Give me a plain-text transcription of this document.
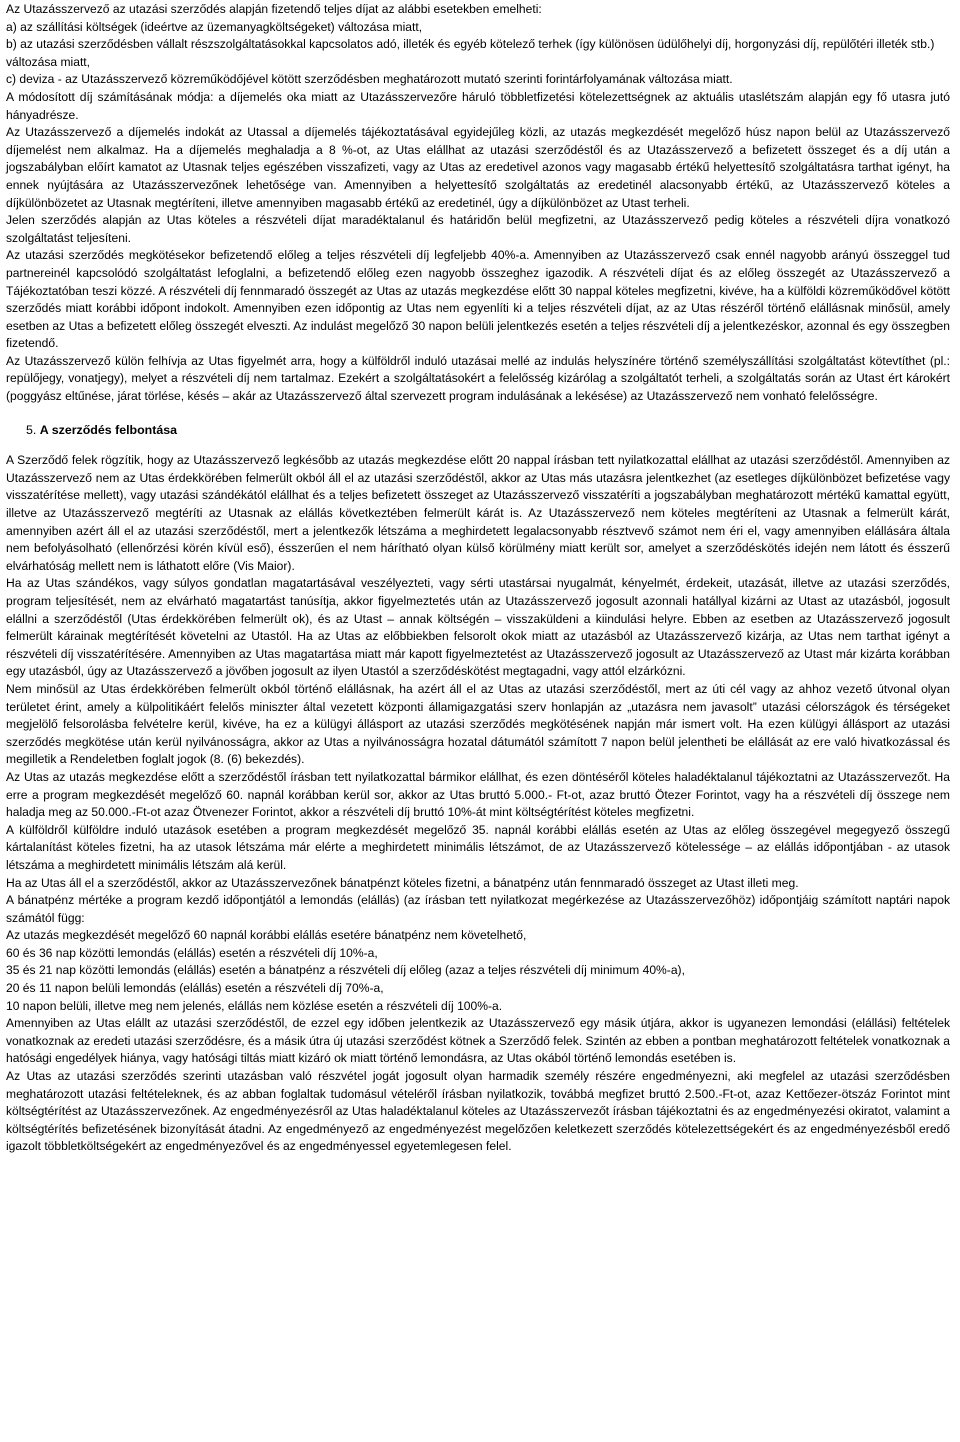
Az Utazásszervező az utazási szerződés alapján fizetendő teljes díjat az alábbi esetekben emelheti:

a) az szállítási költségek (ideértve az üzemanyagköltségeket) változása miatt,

b) az utazási szerződésben vállalt részszolgáltatásokkal kapcsolatos adó, illeték és egyéb kötelező terhek (így különösen üdülőhelyi díj, horgonyzási díj, repülőtéri illeték stb.) változása miatt,

c) deviza - az Utazásszervező közreműködőjével kötött szerződésben meghatározott mutató szerinti forintárfolyamának változása miatt.

A módosított díj számításának módja: a díjemelés oka miatt az Utazásszervezőre háruló többletfizetési kötelezettségnek az aktuális utaslétszám alapján egy fő utasra jutó hányadrésze.

Az Utazásszervező a díjemelés indokát az Utassal a díjemelés tájékoztatásával egyidejűleg közli, az utazás megkezdését megelőző húsz napon belül az Utazásszervező díjemelést nem alkalmaz. Ha a díjemelés meghaladja a 8 %-ot, az Utas elállhat az utazási szerződéstől és az Utazásszervező a befizetett összeget és a díj után a jogszabályban előírt kamatot az Utasnak teljes egészében visszafizeti, vagy az Utas az eredetivel azonos vagy magasabb értékű helyettesítő szolgáltatásra tarthat igényt, ha ennek nyújtására az Utazásszervezőnek lehetősége van. Amennyiben a helyettesítő szolgáltatás az eredetinél alacsonyabb értékű, az Utazásszervező köteles a díjkülönbözetet az Utasnak megtéríteni, illetve amennyiben magasabb értékű az eredetinél, úgy a díjkülönbözet az Utast terheli.

Jelen szerződés alapján az Utas köteles a részvételi díjat maradéktalanul és határidőn belül megfizetni, az Utazásszervező pedig köteles a részvételi díjra vonatkozó szolgáltatást teljesíteni.

Az utazási szerződés megkötésekor befizetendő előleg a teljes részvételi díj legfeljebb 40%-a. Amennyiben az Utazásszervező csak ennél nagyobb arányú összeggel tud partnereinél kapcsolódó szolgáltatást lefoglalni, a befizetendő előleg ezen nagyobb összeghez igazodik. A részvételi díjat és az előleg összegét az Utazásszervező a Tájékoztatóban teszi közzé. A részvételi díj fennmaradó összegét az Utas az utazás megkezdése előtt 30 nappal köteles megfizetni, kivéve, ha a külföldi közreműködővel kötött szerződés miatt korábbi időpont indokolt. Amennyiben ezen időpontig az Utas nem egyenlíti ki a teljes részvételi díjat, az az Utas részéről történő elállásnak minősül, amely esetben az Utas a befizetett előleg összegét elveszti. Az indulást megelőző 30 napon belüli jelentkezés esetén a teljes részvételi díj a jelentkezéskor, azonnal és egy összegben fizetendő.

Az Utazásszervező külön felhívja az Utas figyelmét arra, hogy a külföldről induló utazásai mellé az indulás helyszínére történő személyszállítási szolgáltatást kötevtíthet (pl.: repülőjegy, vonatjegy), melyet a részvételi díj nem tartalmaz. Ezekért a szolgáltatásokért a felelősség kizárólag a szolgáltatót terheli, a szolgáltatás során az Utast ért károkért (poggyász eltűnése, járat törlése, késés – akár az Utazásszervező által szervezett program indulásának a lekésése) az Utazásszervező nem vonható felelősségre.

5. A szerződés felbontása

A Szerződő felek rögzítik, hogy az Utazásszervező legkésőbb az utazás megkezdése előtt 20 nappal írásban tett nyilatkozattal elállhat az utazási szerződéstől. Amennyiben az Utazásszervező nem az Utas érdekkörében felmerült okból áll el az utazási szerződéstől, akkor az Utas más utazásra jelentkezhet (az esetleges díjkülönbözet befizetése vagy visszatérítése mellett), vagy utazási szándékától elállhat és a teljes befizetett összeget az Utazásszervező visszatéríti a jogszabályban meghatározott mértékű kamattal együtt, illetve az Utazásszervező megtéríti az Utasnak az elállás következtében felmerült kárát is. Az Utazásszervező nem köteles megtéríteni az Utasnak a felmerült kárát, amennyiben azért áll el az utazási szerződéstől, mert a jelentkezők létszáma a meghirdetett legalacsonyabb résztvevő számot nem éri el, vagy amennyiben elállására általa nem befolyásolható (ellenőrzési körén kívül eső), ésszerűen el nem hárítható olyan külső körülmény miatt került sor, amelyet a szerződéskötés idején nem látott és ésszerű elvárhatóság mellett nem is láthatott előre (Vis Maior).

Ha az Utas szándékos, vagy súlyos gondatlan magatartásával veszélyezteti, vagy sérti utastársai nyugalmát, kényelmét, érdekeit, utazását, illetve az utazási szerződés, program teljesítését, nem az elvárható magatartást tanúsítja, akkor figyelmeztetés után az Utazásszervező jogosult azonnali hatállyal kizárni az Utast az utazásból, jogosult elállni a szerződéstől (Utas érdekkörében felmerült ok), és az Utast – annak költségén – visszaküldeni a kiindulási helyre. Ebben az esetben az Utazásszervező jogosult felmerült kárainak megtérítését követelni az Utastól. Ha az Utas az előbbiekben felsorolt okok miatt az utazásból az Utazásszervező kizárja, az Utas nem tarthat igényt a részvételi díj visszatérítésére. Amennyiben az Utas magatartása miatt már kapott figyelmeztetést az Utazásszervező jogosult az Utazásszervező az Utast már kizárta korábban egy utazásból, úgy az Utazásszervező a jövőben jogosult az ilyen Utastól a szerződéskötést megtagadni, vagy attól elzárkózni.

Nem minősül az Utas érdekkörében felmerült okból történő elállásnak, ha azért áll el az Utas az utazási szerződéstől, mert az úti cél vagy az ahhoz vezető útvonal olyan területet érint, amely a külpolitikáért felelős miniszter által vezetett központi államigazgatási szerv honlapján az „utazásra nem javasolt” utazási célországok és térségeket megjelölő felsorolásba felvételre kerül, kivéve, ha ez a külügyi állásport az utazási szerződés megkötésének napján már ismert volt. Ha ezen külügyi állásport az utazási szerződés megkötése után kerül nyilvánosságra, akkor az Utas a nyilvánosságra hozatal dátumától számított 7 napon belül jelentheti be elállását az ere való hivatkozással és megilletik a Rendeletben foglalt jogok (8. (6) bekezdés).

Az Utas az utazás megkezdése előtt a szerződéstől írásban tett nyilatkozattal bármikor elállhat, és ezen döntéséről köteles haladéktalanul tájékoztatni az Utazásszervezőt. Ha erre a program megkezdését megelőző 60. napnál korábban kerül sor, akkor az Utas bruttó 5.000.- Ft-ot, azaz bruttó Ötezer Forintot, vagy ha a részvételi díj összege nem haladja meg az 50.000.-Ft-ot azaz Ötvenezer Forintot, akkor a részvételi díj bruttó 10%-át mint költségtérítést köteles megfizetni.

A külföldről külföldre induló utazások esetében a program megkezdését megelőző 35. napnál korábbi elállás esetén az Utas az előleg összegével megegyező összegű kártalanítást köteles fizetni, ha az utasok létszáma már elérte a meghirdetett minimális létszámot, de az Utazásszervező kötelessége – az elállás időpontjában - az utasok létszáma a meghirdetett minimális létszám alá kerül.

Ha az Utas áll el a szerződéstől, akkor az Utazásszervezőnek bánatpénzt köteles fizetni, a bánatpénz után fennmaradó összeget az Utast illeti meg.

A bánatpénz mértéke a program kezdő időpontjától a lemondás (elállás) (az írásban tett nyilatkozat megérkezése az Utazásszervezőhöz) időpontjáig számított naptári napok számától függ:

Az utazás megkezdését megelőző 60 napnál korábbi elállás esetére bánatpénz nem követelhető,

60 és 36 nap közötti lemondás (elállás) esetén a részvételi díj 10%-a,

35 és 21 nap közötti lemondás (elállás) esetén a bánatpénz a részvételi díj előleg (azaz a teljes részvételi díj minimum 40%-a),

20 és 11 napon belüli lemondás (elállás) esetén a részvételi díj 70%-a,

10 napon belüli, illetve meg nem jelenés, elállás nem közlése esetén a részvételi díj 100%-a.

Amennyiben az Utas elállt az utazási szerződéstől, de ezzel egy időben jelentkezik az Utazásszervező egy másik útjára, akkor is ugyanezen lemondási (elállási) feltételek vonatkoznak az eredeti utazási szerződésre, és a másik útra új utazási szerződést kötnek a Szerződő felek. Szintén az ebben a pontban meghatározott feltételek vonatkoznak a hatósági engedélyek hiánya, vagy hatósági tiltás miatt kizáró ok miatt történő lemondásra, az Utas okából történő lemondás esetében is.

Az Utas az utazási szerződés szerinti utazásban való részvétel jogát jogosult olyan harmadik személy részére engedményezni, aki megfelel az utazási szerződésben meghatározott utazási feltételeknek, és az abban foglaltak tudomásul vételéről írásban nyilatkozik, továbbá megfizet bruttó 2.500.-Ft-ot, azaz Kettőezer-ötszáz Forintot mint költségtérítést az Utazásszervezőnek. Az engedményezésről az Utas haladéktalanul köteles az Utazásszervezőt írásban tájékoztatni és az engedményezési okiratot, valamint a költségtérítés befizetésének bizonyítását átadni. Az engedményező az engedményezést megelőzően keletkezett szerződés kötelezettségekért és az engedményezésből eredő igazolt többletköltségekért az engedményezővel és az engedményessel egyetemlegesen felel.
